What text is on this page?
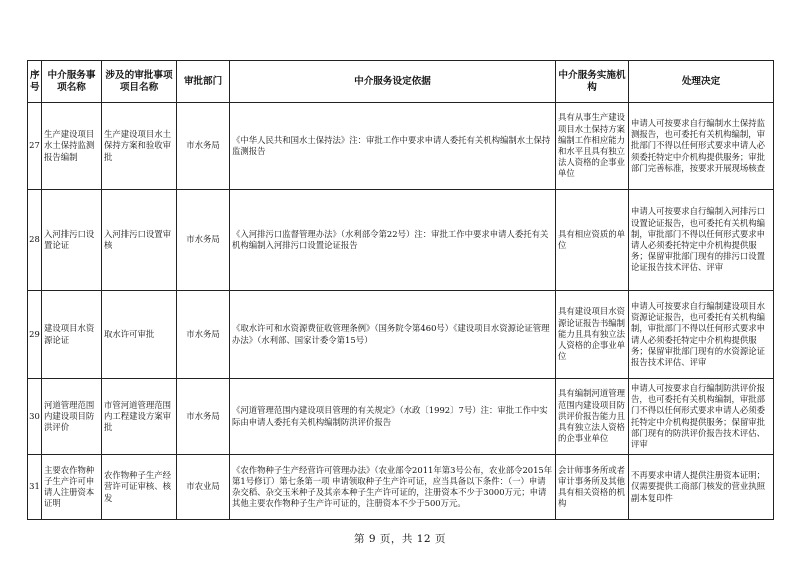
序号	中介服务事项名称	涉及的审批事项项目名称	审批部门	中介服务设定依据	中介服务实施机构	处理决定
27	生产建设项目水土保持监测报告编制	生产建设项目水土保持方案和验收审批	市水务局	《中华人民共和国水土保持法》注：审批工作中要求申请人委托有关机构编制水土保持监测报告	具有从事生产建设项目水土保持方案编制工作相应能力和水平且具有独立法人资格的企事业单位	申请人可按要求自行编制水土保持监测报告，也可委托有关机构编制，审批部门不得以任何形式要求申请人必须委托特定中介机构提供服务；审批部门完善标准，按要求开展现场核查
28	入河排污口设置论证	入河排污口设置审核	市水务局	《入河排污口监督管理办法》（水利部令第22号）注：审批工作中要求申请人委托有关机构编制入河排污口设置论证报告	具有相应资质的单位	申请人可按要求自行编制入河排污口设置论证报告，也可委托有关机构编制，审批部门不得以任何形式要求申请人必须委托特定中介机构提供服务；保留审批部门现有的排污口设置论证报告技术评估、评审
29	建设项目水资源论证	取水许可审批	市水务局	《取水许可和水资源费征收管理条例》（国务院令第460号）《建设项目水资源论证管理办法》（水利部、国家计委令第15号）	具有建设项目水资源论证报告书编制能力且具有独立法人资格的企事业单位	申请人可按要求自行编制建设项目水资源论证报告，也可委托有关机构编制，审批部门不得以任何形式要求申请人必须委托特定中介机构提供服务；保留审批部门现有的水资源论证报告技术评估、评审
30	河道管理范围内建设项目防洪评价	市管河道管理范围内工程建设方案审批	市水务局	《河道管理范围内建设项目管理的有关规定》（水政〔1992〕7号）注：审批工作中实际由申请人委托有关机构编制防洪评价报告	具有编制河道管理范围内建设项目防洪评价报告能力且具有独立法人资格的企事业单位	申请人可按要求自行编制防洪评价报告，也可委托有关机构编制，审批部门不得以任何形式要求申请人必须委托特定中介机构提供服务；保留审批部门现有的防洪评价报告技术评估、评审
31	主要农作物种子生产许可申请人注册资本证明	农作物种子生产经营许可证审核、核发	市农业局	《农作物种子生产经营许可管理办法》（农业部令2011年第3号公布，农业部令2015年第1号修订）第七条第一项 申请领取种子生产许可证，应当具备以下条件：（一）申请杂交稻、杂交玉米种子及其亲本种子生产许可证的，注册资本不少于3000万元；申请其他主要农作物种子生产许可证的，注册资本不少于500万元。	会计师事务所或者审计事务所及其他具有相关资格的机构	不再要求申请人提供注册资本证明；仅需要提供工商部门核发的营业执照副本复印件
第 9 页，共 12 页
